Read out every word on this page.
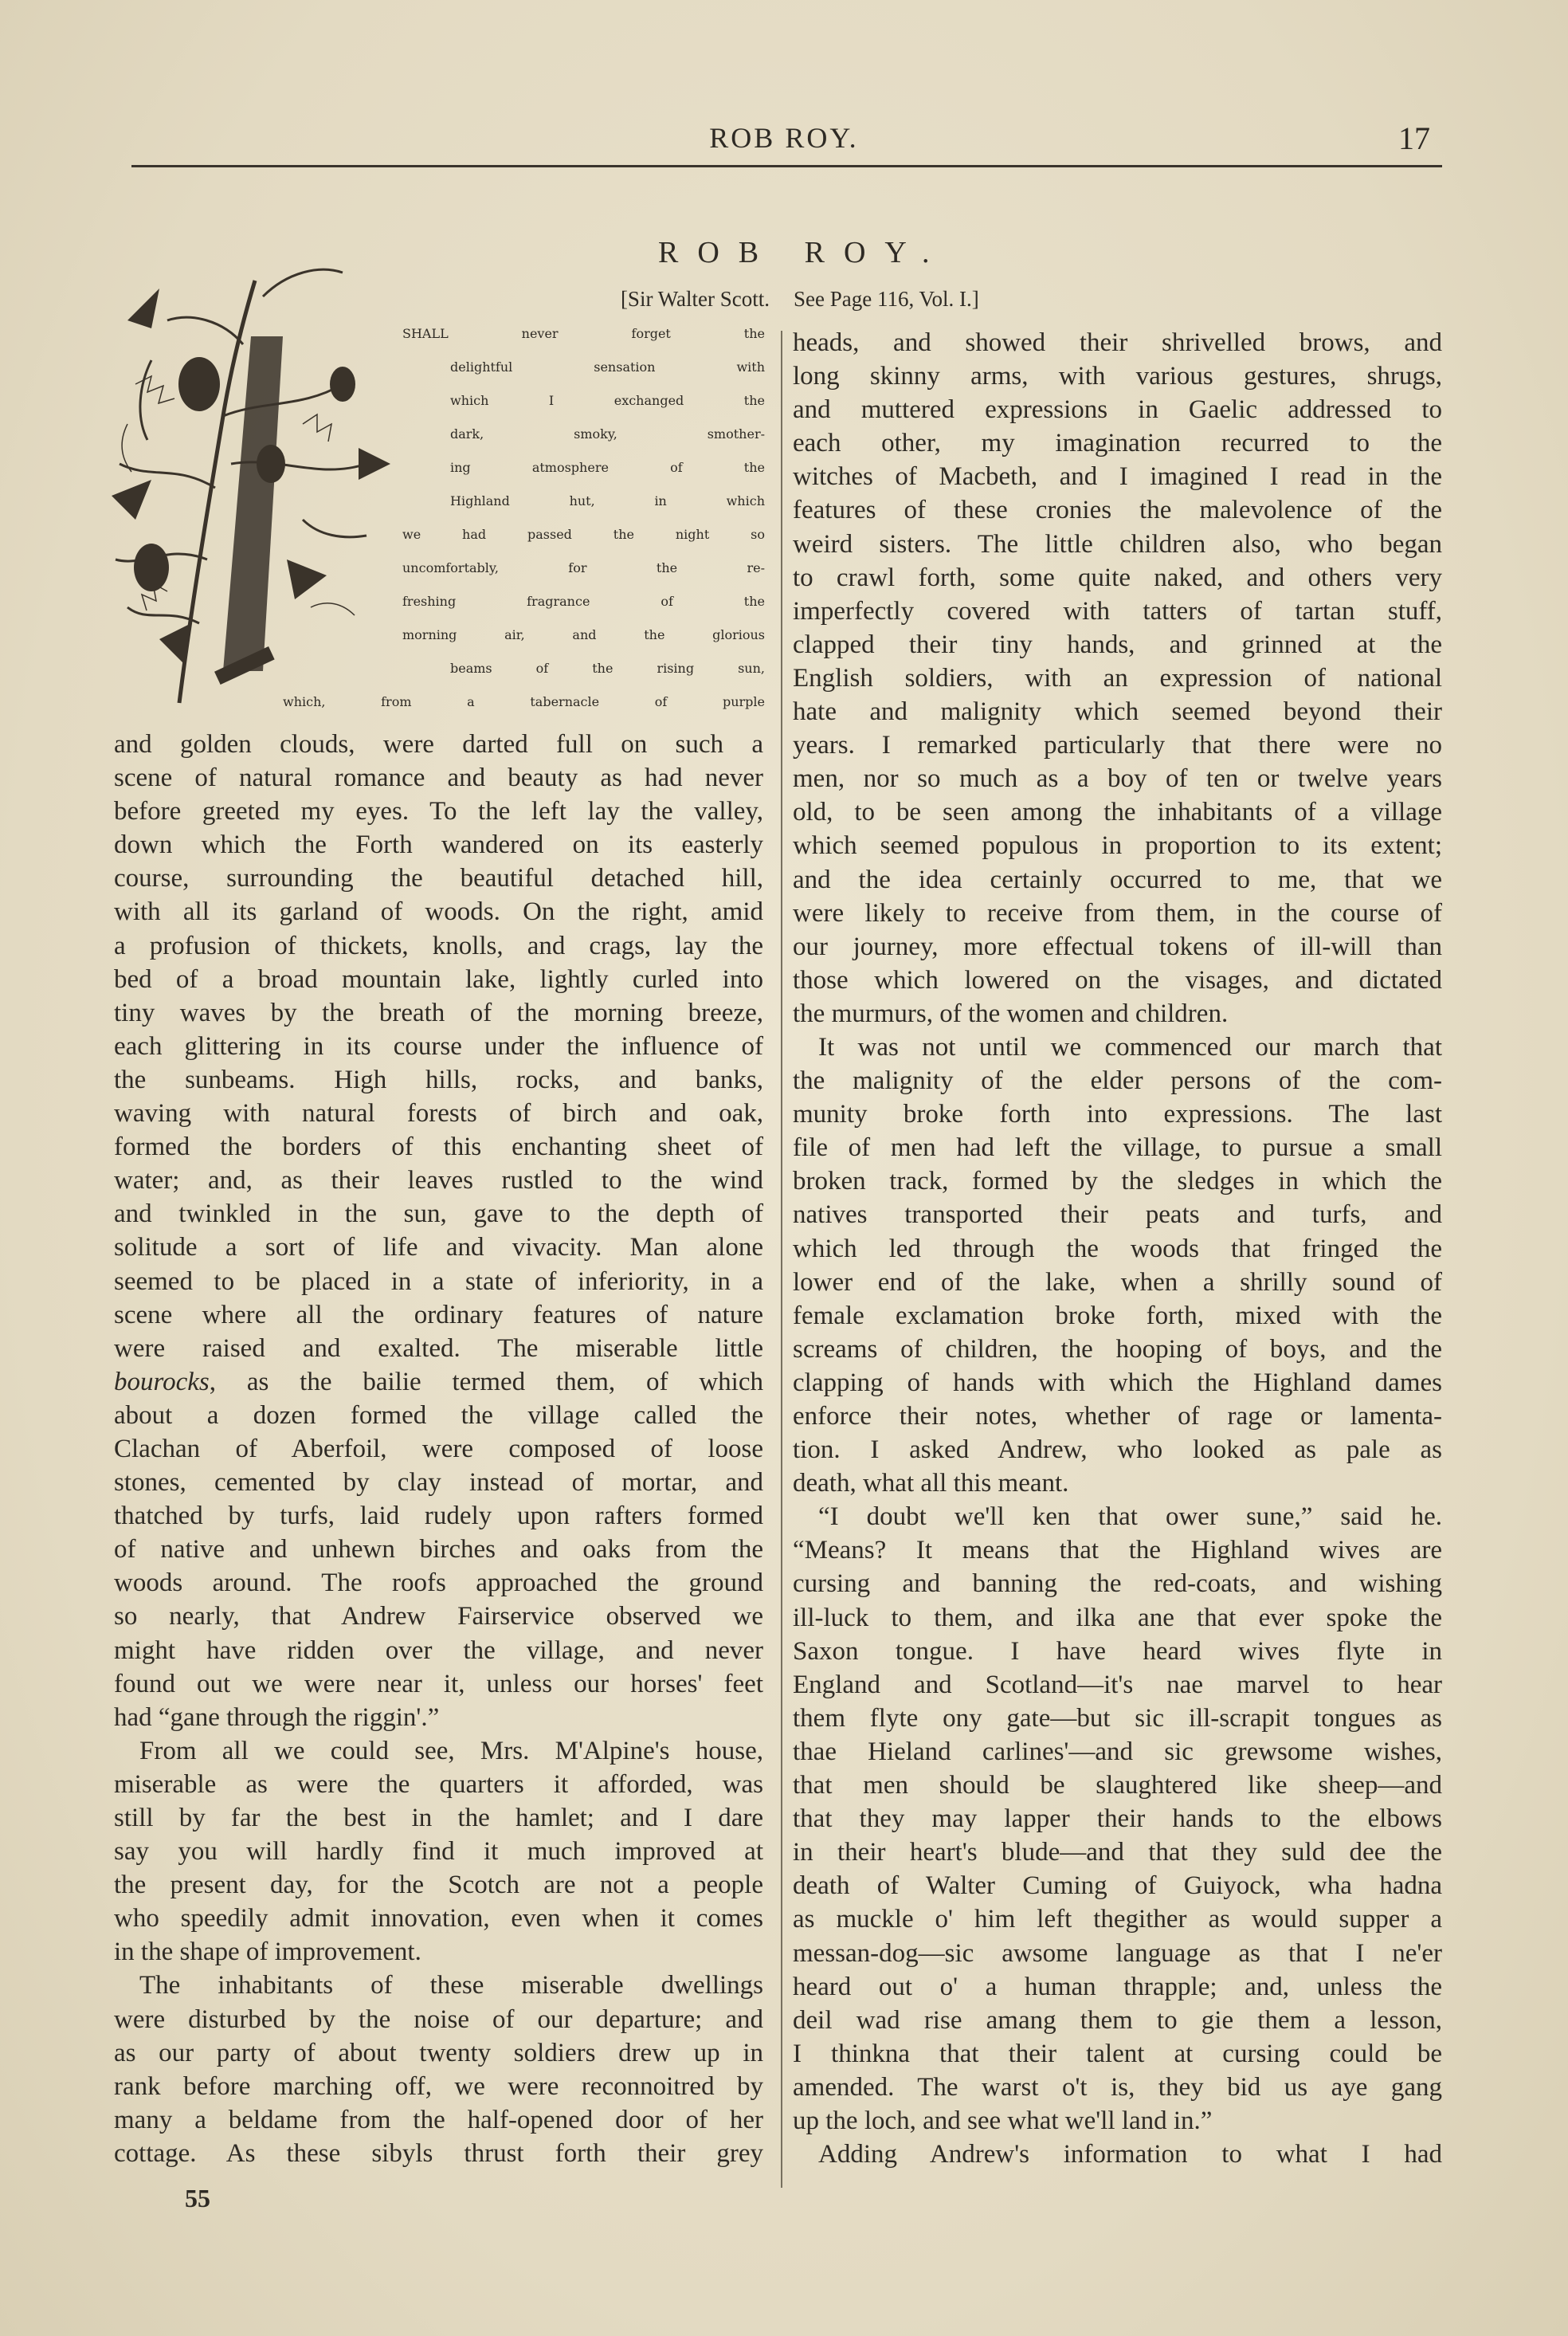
ROB ROY.	17
ROB ROY.
[Sir Walter Scott. See Page 116, Vol. I.]
SHALL never forget the
delightful sensation with
which I exchanged the
dark, smoky, smother-
ing atmosphere of the
Highland hut, in which
we had passed the night so
uncomfortably, for the re-
freshing fragrance of the
morning air, and the glorious
beams of the rising sun,
which, from a tabernacle of purple
and golden clouds, were darted full on such a
scene of natural romance and beauty as had never
before greeted my eyes. To the left lay the valley,
down which the Forth wandered on its easterly
course, surrounding the beautiful detached hill,
with all its garland of woods. On the right, amid
a profusion of thickets, knolls, and crags, lay the
bed of a broad mountain lake, lightly curled into
tiny waves by the breath of the morning breeze,
each glittering in its course under the influence of
the sunbeams. High hills, rocks, and banks,
waving with natural forests of birch and oak,
formed the borders of this enchanting sheet of
water; and, as their leaves rustled to the wind
and twinkled in the sun, gave to the depth of
solitude a sort of life and vivacity. Man alone
seemed to be placed in a state of inferiority, in a
scene where all the ordinary features of nature
were raised and exalted. The miserable little
bourocks, as the bailie termed them, of which
about a dozen formed the village called the
Clachan of Aberfoil, were composed of loose
stones, cemented by clay instead of mortar, and
thatched by turfs, laid rudely upon rafters formed
of native and unhewn birches and oaks from the
woods around. The roofs approached the ground
so nearly, that Andrew Fairservice observed we
might have ridden over the village, and never
found out we were near it, unless our horses' feet
had “gane through the riggin'.”
From all we could see, Mrs. M'Alpine's house,
miserable as were the quarters it afforded, was
still by far the best in the hamlet; and I dare
say you will hardly find it much improved at
the present day, for the Scotch are not a people
who speedily admit innovation, even when it comes
in the shape of improvement.
The inhabitants of these miserable dwellings
were disturbed by the noise of our departure; and
as our party of about twenty soldiers drew up in
rank before marching off, we were reconnoitred by
many a beldame from the half-opened door of her
cottage. As these sibyls thrust forth their grey
heads, and showed their shrivelled brows, and
long skinny arms, with various gestures, shrugs,
and muttered expressions in Gaelic addressed to
each other, my imagination recurred to the
witches of Macbeth, and I imagined I read in the
features of these cronies the malevolence of the
weird sisters. The little children also, who began
to crawl forth, some quite naked, and others very
imperfectly covered with tatters of tartan stuff,
clapped their tiny hands, and grinned at the
English soldiers, with an expression of national
hate and malignity which seemed beyond their
years. I remarked particularly that there were no
men, nor so much as a boy of ten or twelve years
old, to be seen among the inhabitants of a village
which seemed populous in proportion to its extent;
and the idea certainly occurred to me, that we
were likely to receive from them, in the course of
our journey, more effectual tokens of ill-will than
those which lowered on the visages, and dictated
the murmurs, of the women and children.
It was not until we commenced our march that
the malignity of the elder persons of the com-
munity broke forth into expressions. The last
file of men had left the village, to pursue a small
broken track, formed by the sledges in which the
natives transported their peats and turfs, and
which led through the woods that fringed the
lower end of the lake, when a shrilly sound of
female exclamation broke forth, mixed with the
screams of children, the hooping of boys, and the
clapping of hands with which the Highland dames
enforce their notes, whether of rage or lamenta-
tion. I asked Andrew, who looked as pale as
death, what all this meant.
“I doubt we'll ken that ower sune,” said he.
“Means? It means that the Highland wives are
cursing and banning the red-coats, and wishing
ill-luck to them, and ilka ane that ever spoke the
Saxon tongue. I have heard wives flyte in
England and Scotland—it's nae marvel to hear
them flyte ony gate—but sic ill-scrapit tongues as
thae Hieland carlines'—and sic grewsome wishes,
that men should be slaughtered like sheep—and
that they may lapper their hands to the elbows
in their heart's blude—and that they suld dee the
death of Walter Cuming of Guiyock, wha hadna
as muckle o' him left thegither as would supper a
messan-dog—sic awsome language as that I ne'er
heard out o' a human thrapple; and, unless the
deil wad rise amang them to gie them a lesson,
I thinkna that their talent at cursing could be
amended. The warst o't is, they bid us aye gang
up the loch, and see what we'll land in.”
Adding Andrew's information to what I had
55
